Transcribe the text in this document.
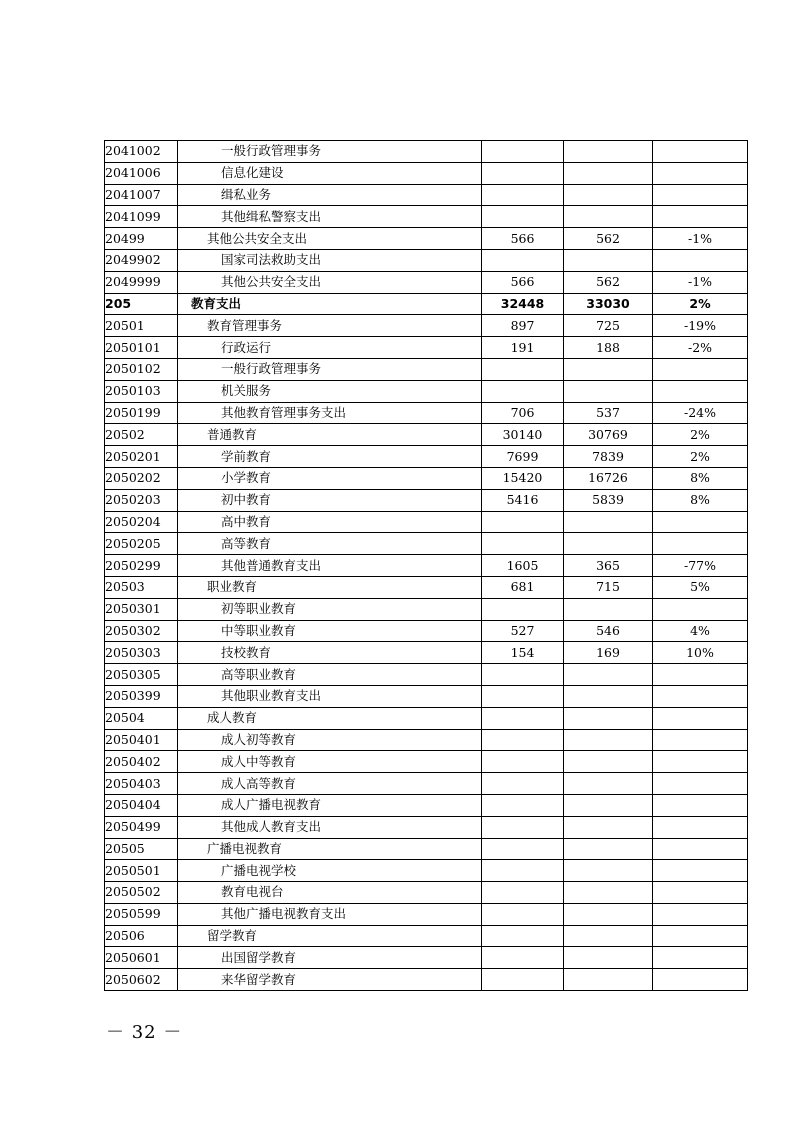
2041002	一般行政管理事务			
2041006	信息化建设			
2041007	缉私业务			
2041099	其他缉私警察支出			
20499	其他公共安全支出	566	562	-1%
2049902	国家司法救助支出			
2049999	其他公共安全支出	566	562	-1%
205	教育支出	32448	33030	2%
20501	教育管理事务	897	725	-19%
2050101	行政运行	191	188	-2%
2050102	一般行政管理事务			
2050103	机关服务			
2050199	其他教育管理事务支出	706	537	-24%
20502	普通教育	30140	30769	2%
2050201	学前教育	7699	7839	2%
2050202	小学教育	15420	16726	8%
2050203	初中教育	5416	5839	8%
2050204	高中教育			
2050205	高等教育			
2050299	其他普通教育支出	1605	365	-77%
20503	职业教育	681	715	5%
2050301	初等职业教育			
2050302	中等职业教育	527	546	4%
2050303	技校教育	154	169	10%
2050305	高等职业教育			
2050399	其他职业教育支出			
20504	成人教育			
2050401	成人初等教育			
2050402	成人中等教育			
2050403	成人高等教育			
2050404	成人广播电视教育			
2050499	其他成人教育支出			
20505	广播电视教育			
2050501	广播电视学校			
2050502	教育电视台			
2050599	其他广播电视教育支出			
20506	留学教育			
2050601	出国留学教育			
2050602	来华留学教育			
－ 32 －
